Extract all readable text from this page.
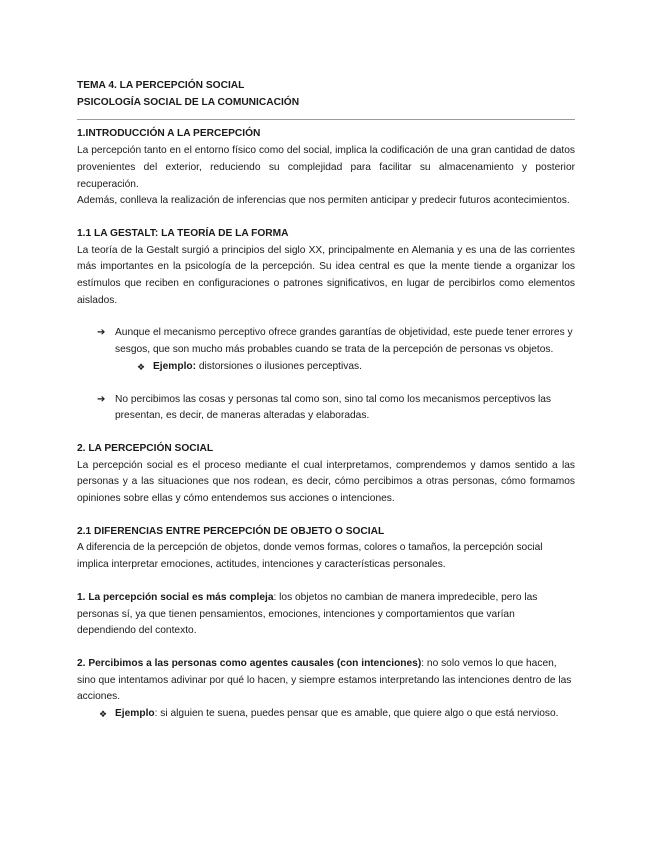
TEMA 4. LA PERCEPCIÓN SOCIAL

PSICOLOGÍA SOCIAL DE LA COMUNICACIÓN

1.INTRODUCCIÓN A LA PERCEPCIÓN

La percepción tanto en el entorno físico como del social, implica la codificación de una gran cantidad de datos provenientes del exterior, reduciendo su complejidad para facilitar su almacenamiento y posterior recuperación.

Además, conlleva la realización de inferencias que nos permiten anticipar y predecir futuros acontecimientos.

1.1 LA GESTALT: LA TEORÍA DE LA FORMA

La teoría de la Gestalt surgió a principios del siglo XX, principalmente en Alemania y es una de las corrientes más importantes en la psicología de la percepción. Su idea central es que la mente tiende a organizar los estímulos que reciben en configuraciones o patrones significativos, en lugar de percibirlos como elementos aislados.

➔ Aunque el mecanismo perceptivo ofrece grandes garantías de objetividad, este puede tener errores y sesgos, que son mucho más probables cuando se trata de la percepción de personas vs objetos.
❖ Ejemplo: distorsiones o ilusiones perceptivas.
➔ No percibimos las cosas y personas tal como son, sino tal como los mecanismos perceptivos las presentan, es decir, de maneras alteradas y elaboradas.
2. LA PERCEPCIÓN SOCIAL

La percepción social es el proceso mediante el cual interpretamos, comprendemos y damos sentido a las personas y a las situaciones que nos rodean, es decir, cómo percibimos a otras personas, cómo formamos opiniones sobre ellas y cómo entendemos sus acciones o intenciones.

2.1 DIFERENCIAS ENTRE PERCEPCIÓN DE OBJETO O SOCIAL

A diferencia de la percepción de objetos, donde vemos formas, colores o tamaños, la percepción social implica interpretar emociones, actitudes, intenciones y características personales.

1. La percepción social es más compleja: los objetos no cambian de manera impredecible, pero las personas sí, ya que tienen pensamientos, emociones, intenciones y comportamientos que varían dependiendo del contexto.

2. Percibimos a las personas como agentes causales (con intenciones): no solo vemos lo que hacen, sino que intentamos adivinar por qué lo hacen, y siempre estamos interpretando las intenciones dentro de las acciones.

❖ Ejemplo: si alguien te suena, puedes pensar que es amable, que quiere algo o que está nervioso.
